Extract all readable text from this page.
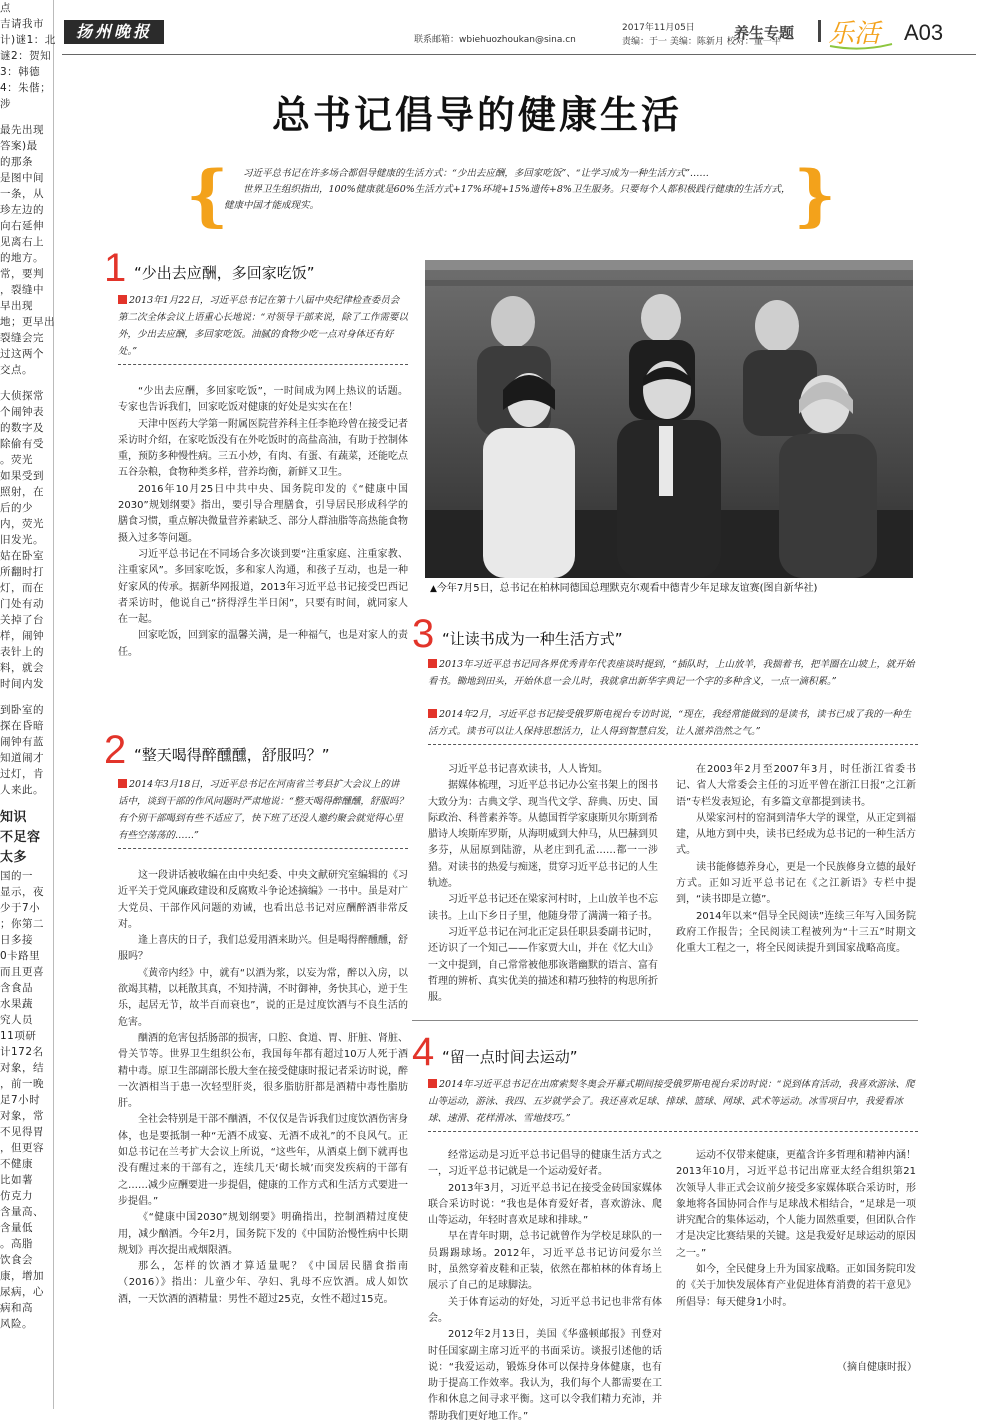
点
吉请我市
计)谜1：北
谜2：贺知
3：韩德
4：朱偕；
涉
最先出现
答案)最
的那条
是图中间
一条，从
珍左边的
向右延伸
见离右上
的地方。
常，要判
，裂缝中
早出现
地；更早出
裂缝会完
过这两个
交点。
大侦探常
个闹钟表
的数字及
除偷有受
。荧光
如果受到
照射，在
后的少
内，荧光
旧发光。
姑在卧室
所翻时打
灯，而在
门处有动
关掉了台
样，闹钟
表针上的
料，就会
时间内发
到卧室的
探在昏暗
闹钟有蓝
知道闹才
过灯，肯
人来此。
知识
不足容
太多
国的一
显示，夜
少于7小
；你第二
日多接
0卡路里
而且更喜
含食品
水果蔬
究人员
11项研
计172名
对象，结
，前一晚
足7小时
对象，常
不见得胃
，但更容
不健康
比如薯
仿克力
含量高、
含量低
。高脂
饮食会
康，增加
尿病，心
病和高
风险。
扬州晚报	联系邮箱：wbiehuozhoukan@sina.cn
2017年11月05日
责编：于一 美编：陈新月 校对：董一平
养生专题 乐活 A03
总书记倡导的健康生活
{	习近平总书记在许多场合都倡导健康的生活方式：“少出去应酬，多回家吃饭”、“让学习成为一种生活方式”……

世界卫生组织指出，100%健康就是60%生活方式+17%环境+15%遗传+8%卫生服务。只要每个人都积极践行健康的生活方式，健康中国才能成现实。	}
1 “少出去应酬，多回家吃饭”
2013年1月22日，习近平总书记在第十八届中央纪律检查委员会第二次全体会议上语重心长地说：“对领导干部来说，除了工作需要以外，少出去应酬，多回家吃饭。油腻的食物少吃一点对身体还有好处。”

“少出去应酬，多回家吃饭”，一时间成为网上热议的话题。专家也告诉我们，回家吃饭对健康的好处是实实在在！

天津中医药大学第一附属医院营养科主任李艳玲曾在接受记者采访时介绍，在家吃饭没有在外吃饭时的高盐高油，有助于控制体重，预防多种慢性病。三五小炒，有肉、有蛋、有蔬菜，还能吃点五谷杂粮，食物种类多样，营养均衡，新鲜又卫生。

2016年10月25日中共中央、国务院印发的《“健康中国2030”规划纲要》指出，要引导合理膳食，引导居民形成科学的膳食习惯，重点解决微量营养素缺乏、部分人群油脂等高热能食物摄入过多等问题。

习近平总书记在不同场合多次谈到要“注重家庭、注重家教、注重家风”。多回家吃饭，多和家人沟通，和孩子互动，也是一种好家风的传承。据新华网报道，2013年习近平总书记接受巴西记者采访时，他说自己“挤得浮生半日闲”，只要有时间，就同家人在一起。

回家吃饭，回到家的温馨关满，是一种福气，也是对家人的责任。

2 “整天喝得醉醺醺，舒服吗？”
2014年3月18日，习近平总书记在河南省兰考县扩大会议上的讲话中，谈到干部的作风问题时严肃地说：“整天喝得醉醺醺，舒服吗？有个别干部喝到有些不适应了，快下班了还没人邀约聚会就觉得心里有些空荡荡的……”

这一段讲话被收编在由中央纪委、中央文献研究室编辑的《习近平关于党风廉政建设和反腐败斗争论述摘编》一书中。虽是对广大党员、干部作风问题的劝诫，也看出总书记对应酬醉酒非常反对。

逢上喜庆的日子，我们总爱用酒来助兴。但是喝得醉醺醺，舒服吗？

《黄帝内经》中，就有“以酒为浆，以妄为常，醉以入房，以欲竭其精，以耗散其真，不知持满，不时御神，务快其心，逆于生乐，起居无节，故半百而衰也”，说的正是过度饮酒与不良生活的危害。

酗酒的危害包括肠部的损害，口腔、食道、胃、肝脏、肾脏、骨关节等。世界卫生组织公布，我国每年都有超过10万人死于酒精中毒。原卫生部副部长殷大奎在接受健康时报记者采访时说，醉一次酒相当于患一次轻型肝炎，很多脂肪肝都是酒精中毒性脂肪肝。

全社会特别是干部不酗酒，不仅仅是告诉我们过度饮酒伤害身体，也是要抵制一种“无酒不成宴、无酒不成礼”的不良风气。正如总书记在兰考扩大会议上所说，“这些年，从酒桌上倒下就再也没有醒过来的干部有之，连续几天‘砌长城’而突发疾病的干部有之……减少应酬要进一步提倡，健康的工作方式和生活方式要进一步提倡。”

《“健康中国2030”规划纲要》明确指出，控制酒精过度使用，减少酗酒。今年2月，国务院下发的《中国防治慢性病中长期规划》再次提出戒烟限酒。

那么，怎样的饮酒才算适量呢？《中国居民膳食指南（2016）》指出：儿童少年、孕妇、乳母不应饮酒。成人如饮酒，一天饮酒的酒精量：男性不超过25克，女性不超过15克。

▲今年7月5日，总书记在柏林同德国总理默克尔观看中德青少年足球友谊赛(图自新华社)
3 “让读书成为一种生活方式”
2013年习近平总书记同各界优秀青年代表座谈时提到，“插队时，上山放羊，我揣着书，把羊圈在山坡上，就开始看书。锄地到田头，开始休息一会儿时，我就拿出新华字典记一个字的多种含义，一点一滴积累。”
2014年2月，习近平总书记接受俄罗斯电视台专访时说，“现在，我经常能做到的是读书，读书已成了我的一种生活方式。读书可以让人保持思想活力，让人得到智慧启发，让人滋养浩然之气。”

习近平总书记喜欢读书，人人皆知。

据媒体梳理，习近平总书记办公室书架上的图书大致分为：古典文学、现当代文学、辞典、历史、国际政治、科普素养等。从德国哲学家康斯贝尔斯到希腊诗人埃斯库罗斯，从海明威到大仲马，从巴赫到贝多芬，从屈原到陆游，从老庄到孔孟……都一一涉猎。对读书的热爱与痴迷，贯穿习近平总书记的人生轨迹。

习近平总书记还在梁家河村时，上山放羊也不忘读书。上山下乡日子里，他随身带了满满一箱子书。

习近平总书记在河北正定县任职县委副书记时，还访识了一个知己——作家贾大山，并在《忆大山》一文中提到，自己常常被他那诙谐幽默的语言、富有哲理的辨析、真实优美的描述和精巧独特的构思所折服。

在2003年2月至2007年3月，时任浙江省委书记、省人大常委会主任的习近平曾在浙江日报“之江新语”专栏发表短论，有多篇文章都提到读书。

从梁家河村的窑洞到清华大学的课堂，从正定到福建，从地方到中央，读书已经成为总书记的一种生活方式。

读书能修德养身心，更是一个民族修身立德的最好方式。正如习近平总书记在《之江新语》专栏中提到，“读书即是立德”。

2014年以来“倡导全民阅读”连续三年写入国务院政府工作报告；全民阅读工程被列为“十三五”时期文化重大工程之一，将全民阅读提升到国家战略高度。

4 “留一点时间去运动”
2014年习近平总书记在出席索契冬奥会开幕式期间接受俄罗斯电视台采访时说：“说到体育活动，我喜欢游泳、爬山等运动，游泳、我四、五岁就学会了。我还喜欢足球、排球、篮球、网球、武术等运动。冰雪项目中，我爱看冰球、速滑、花样滑冰、雪地技巧。”

经常运动是习近平总书记倡导的健康生活方式之一，习近平总书记就是一个运动爱好者。

2013年3月，习近平总书记在接受金砖国家媒体联合采访时说：“我也是体育爱好者，喜欢游泳、爬山等运动，年轻时喜欢足球和排球。”

早在青年时期，总书记就曾作为学校足球队的一员踢踢球场。2012年，习近平总书记访问爱尔兰时，虽然穿着皮鞋和正装，依然在都柏林的体育场上展示了自己的足球脚法。

关于体育运动的好处，习近平总书记也非常有体会。

2012年2月13日，美国《华盛顿邮报》刊登对时任国家副主席习近平的书面采访。谈报引述他的话说：“我爱运动，锻炼身体可以保持身体健康，也有助于提高工作效率。我认为，我们每个人都需要在工作和休息之间寻求平衡。这可以令我们精力充沛，并帮助我们更好地工作。”

运动不仅带来健康，更蕴含许多哲理和精神内涵！2013年10月，习近平总书记出席亚太经合组织第21次领导人非正式会议前夕接受多家媒体联合采访时，形象地将各国协同合作与足球战术相结合，“足球是一项讲究配合的集体运动，个人能力固然重要，但团队合作才是决定比赛结果的关键。这是我爱好足球运动的原因之一。”

如今，全民健身上升为国家战略。正如国务院印发的《关于加快发展体育产业促进体育消费的若干意见》所倡导：每天健身1小时。

（摘自健康时报）
